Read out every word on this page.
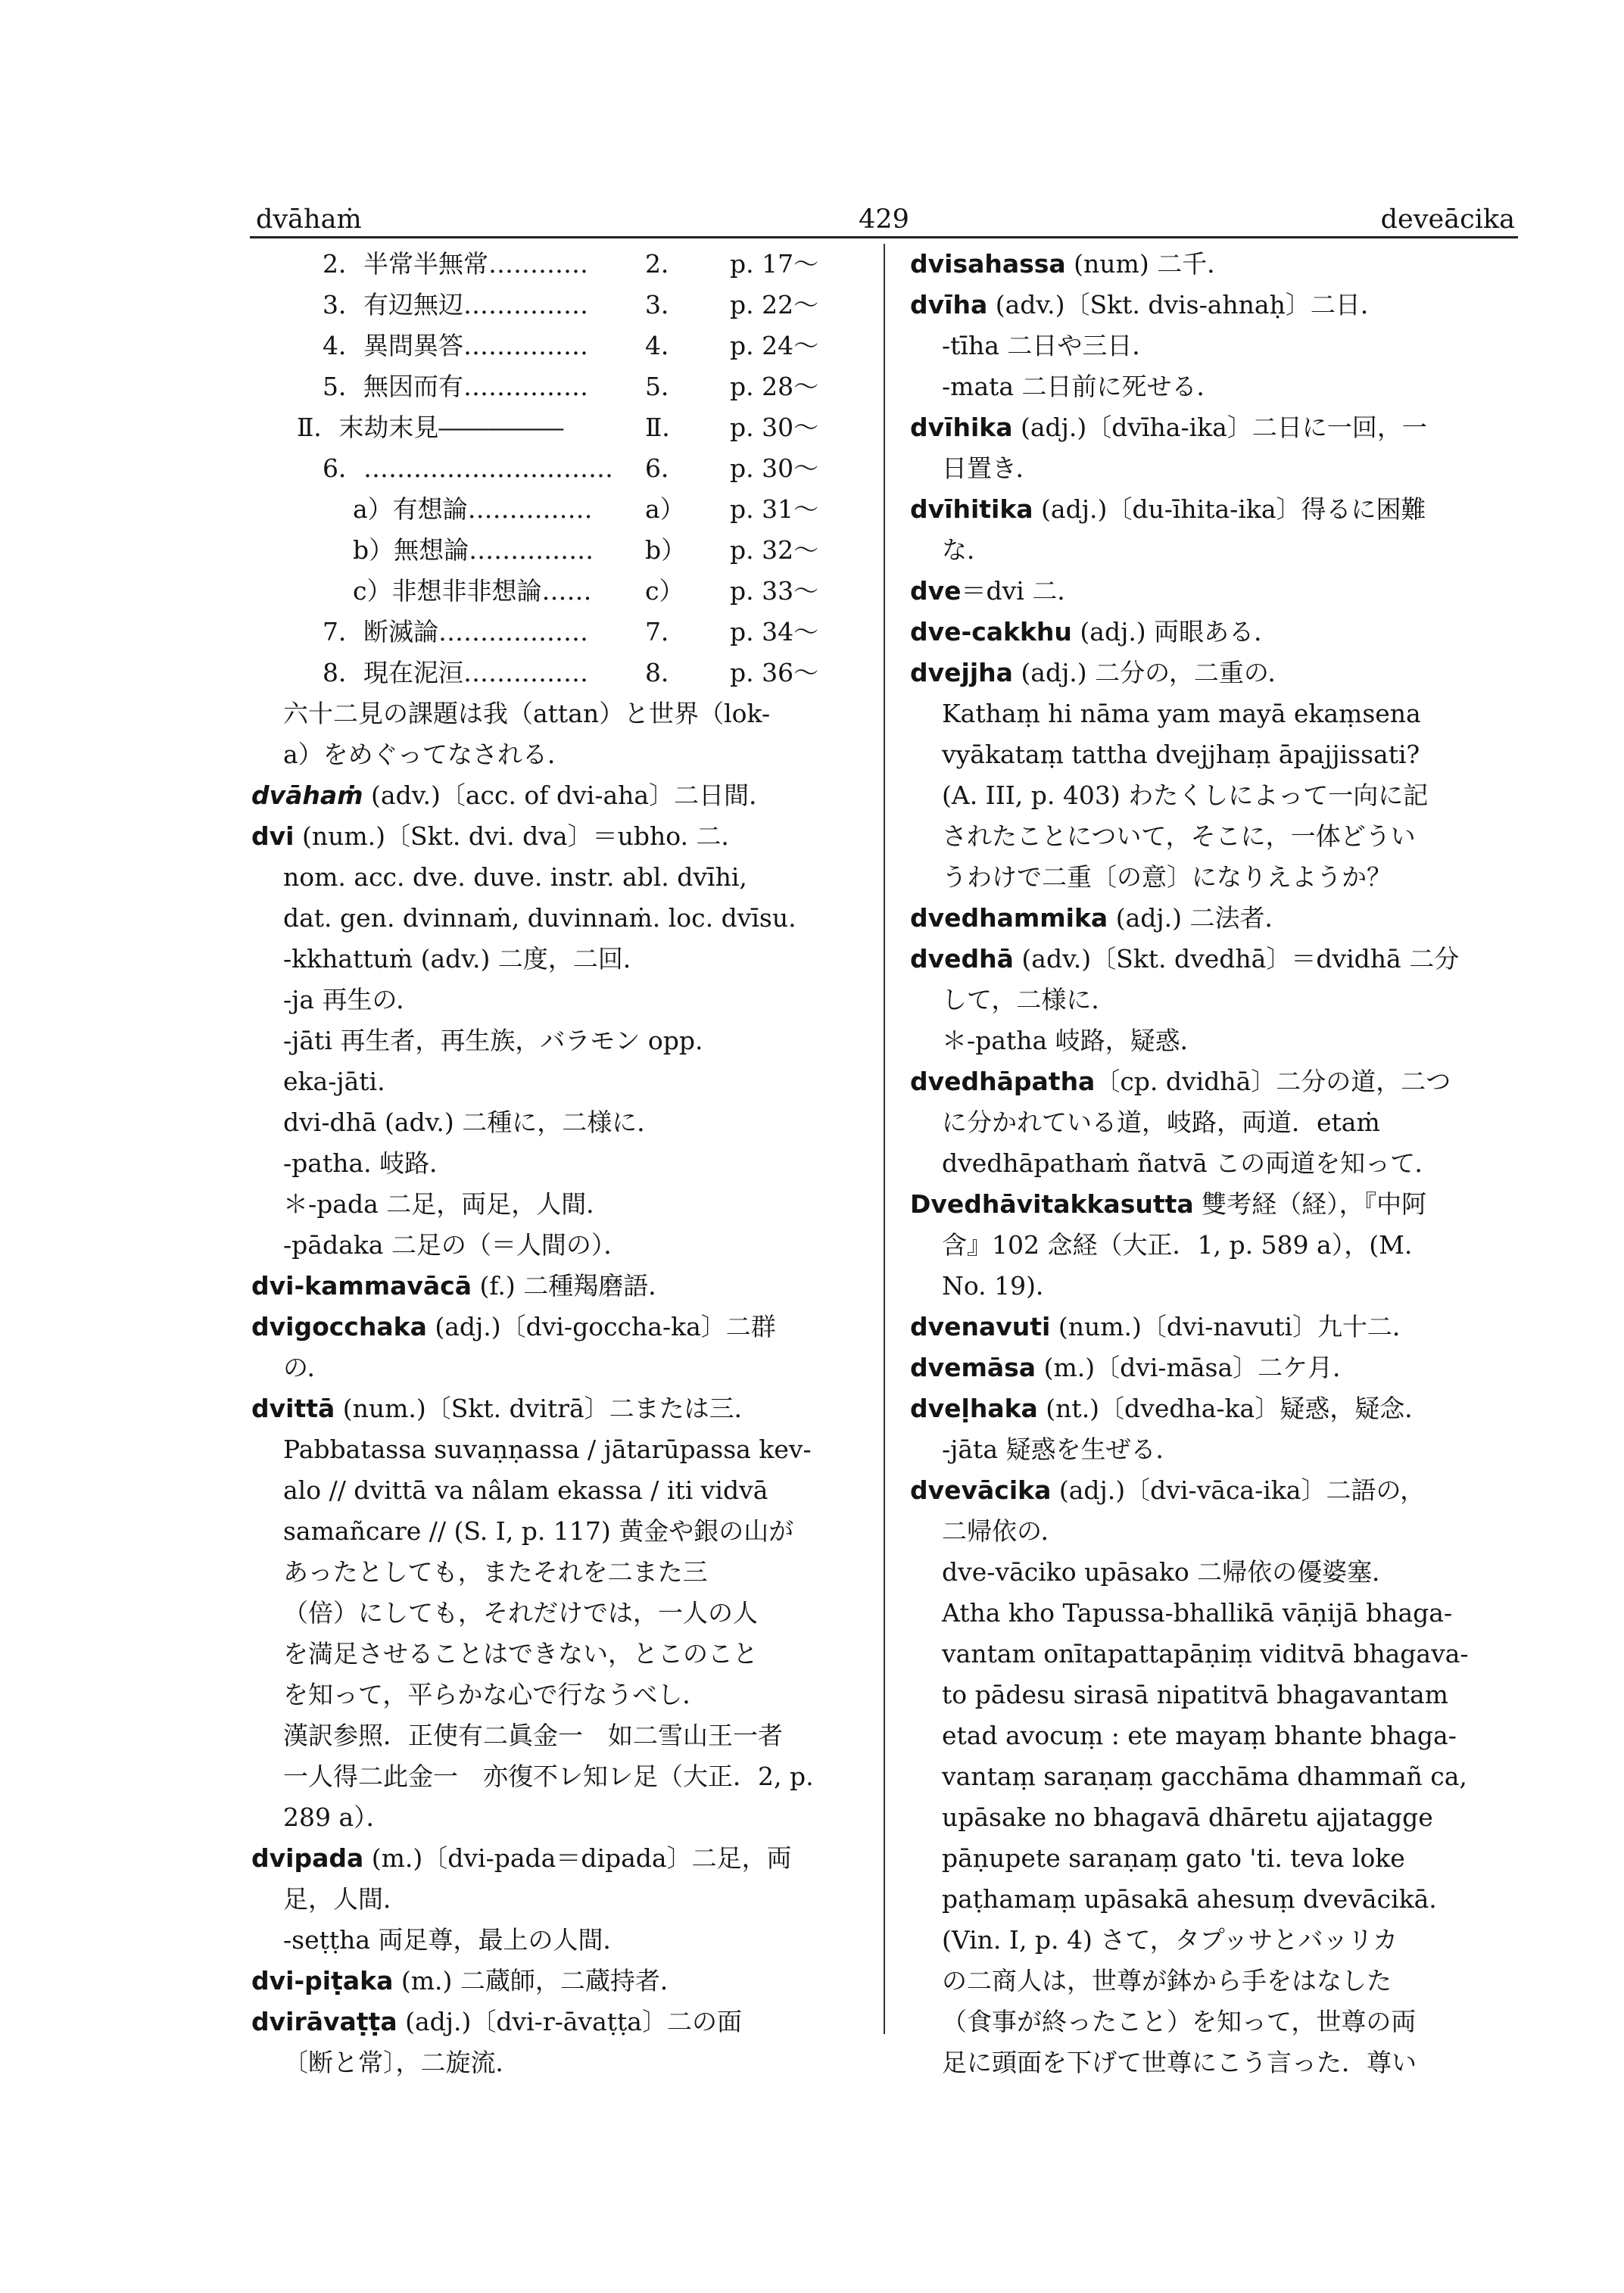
dvāhaṁ	429	deveācika
2．半常半無常………… 2． p. 17～
3．有辺無辺…………… 3． p. 22～
4．異問異答…………… 4． p. 24～
5．無因而有…………… 5． p. 28～
Ⅱ．末劫末見―――――	Ⅱ． p. 30～
6．………………………… 6． p. 30～
a）有想論…………… a） p. 31～
b）無想論…………… b） p. 32～
c）非想非非想論…… c） p. 33～
7．断滅論……………… 7． p. 34～
8．現在泥洹…………… 8． p. 36～
六十二見の課題は我（attan）と世界（lok-
a）をめぐってなされる．
dvāhaṁ (adv.)〔acc. of dvi-aha〕二日間．
dvi (num.)〔Skt. dvi. dva〕＝ubho. 二．
nom. acc. dve. duve. instr. abl. dvīhi,
dat. gen. dvinnaṁ, duvinnaṁ. loc. dvīsu.
-kkhattuṁ (adv.) 二度，二回．
-ja 再生の．
-jāti 再生者，再生族，バラモン opp.
eka-jāti.
dvi-dhā (adv.) 二種に，二様に．
-patha. 岐路．
＊-pada 二足，両足，人間．
-pādaka 二足の（＝人間の）．
dvi-kammavācā (f.) 二種羯磨語．
dvigocchaka (adj.)〔dvi-goccha-ka〕二群
の．
dvittā (num.)〔Skt. dvitrā〕二または三．
Pabbatassa suvaṇṇassa / jātarūpassa kev-
alo // dvittā va nâlam ekassa / iti vidvā
samañcare // (S. I, p. 117) 黄金や銀の山が
あったとしても，またそれを二また三
（倍）にしても，それだけでは，一人の人
を満足させることはできない，とこのこと
を知って，平らかな心で行なうべし．
漢訳参照．正使有二眞金一　如二雪山王一者
一人得二此金一　亦復不レ知レ足（大正．2, p.
289 a）．
dvipada (m.)〔dvi-pada＝dipada〕二足，両
足，人間．
-seṭṭha 両足尊，最上の人間．
dvi-piṭaka (m.) 二蔵師，二蔵持者．
dvirāvaṭṭa (adj.)〔dvi-r-āvaṭṭa〕二の面
〔断と常〕，二旋流．
dvisahassa (num) 二千．
dvīha (adv.)〔Skt. dvis-ahnaḥ〕二日．
-tīha 二日や三日．
-mata 二日前に死せる．
dvīhika (adj.)〔dvīha-ika〕二日に一回，一
日置き．
dvīhitika (adj.)〔du-īhita-ika〕得るに困難
な．
dve＝dvi 二．
dve-cakkhu (adj.) 両眼ある．
dvejjha (adj.) 二分の，二重の．
Kathaṃ hi nāma yam mayā ekaṃsena
vyākataṃ tattha dvejjhaṃ āpajjissati?
(A. III, p. 403) わたくしによって一向に記
されたことについて，そこに，一体どうい
うわけで二重〔の意〕になりえようか？
dvedhammika (adj.) 二法者．
dvedhā (adv.)〔Skt. dvedhā〕＝dvidhā 二分
して，二様に．
＊-patha 岐路，疑惑．
dvedhāpatha〔cp. dvidhā〕二分の道，二つ
に分かれている道，岐路，両道．etaṁ
dvedhāpathaṁ ñatvā この両道を知って．
Dvedhāvitakkasutta 雙考経（経），『中阿
含』102 念経（大正．1, p. 589 a），(M.
No. 19)．
dvenavuti (num.)〔dvi-navuti〕九十二．
dvemāsa (m.)〔dvi-māsa〕二ケ月．
dveḷhaka (nt.)〔dvedha-ka〕疑惑，疑念．
-jāta 疑惑を生ぜる．
dvevācika (adj.)〔dvi-vāca-ika〕二語の，
二帰依の．
dve-vāciko upāsako 二帰依の優婆塞．
Atha kho Tapussa-bhallikā vāṇijā bhaga-
vantam onītapattapāṇiṃ viditvā bhagava-
to pādesu sirasā nipatitvā bhagavantam
etad avocuṃ : ete mayaṃ bhante bhaga-
vantaṃ saraṇaṃ gacchāma dhammañ ca,
upāsake no bhagavā dhāretu ajjatagge
pāṇupete saraṇaṃ gato 'ti. teva loke
paṭhamaṃ upāsakā ahesuṃ dvevācikā.
(Vin. I, p. 4) さて，タプッサとバッリカ
の二商人は，世尊が鉢から手をはなした
（食事が終ったこと）を知って，世尊の両
足に頭面を下げて世尊にこう言った．尊い
